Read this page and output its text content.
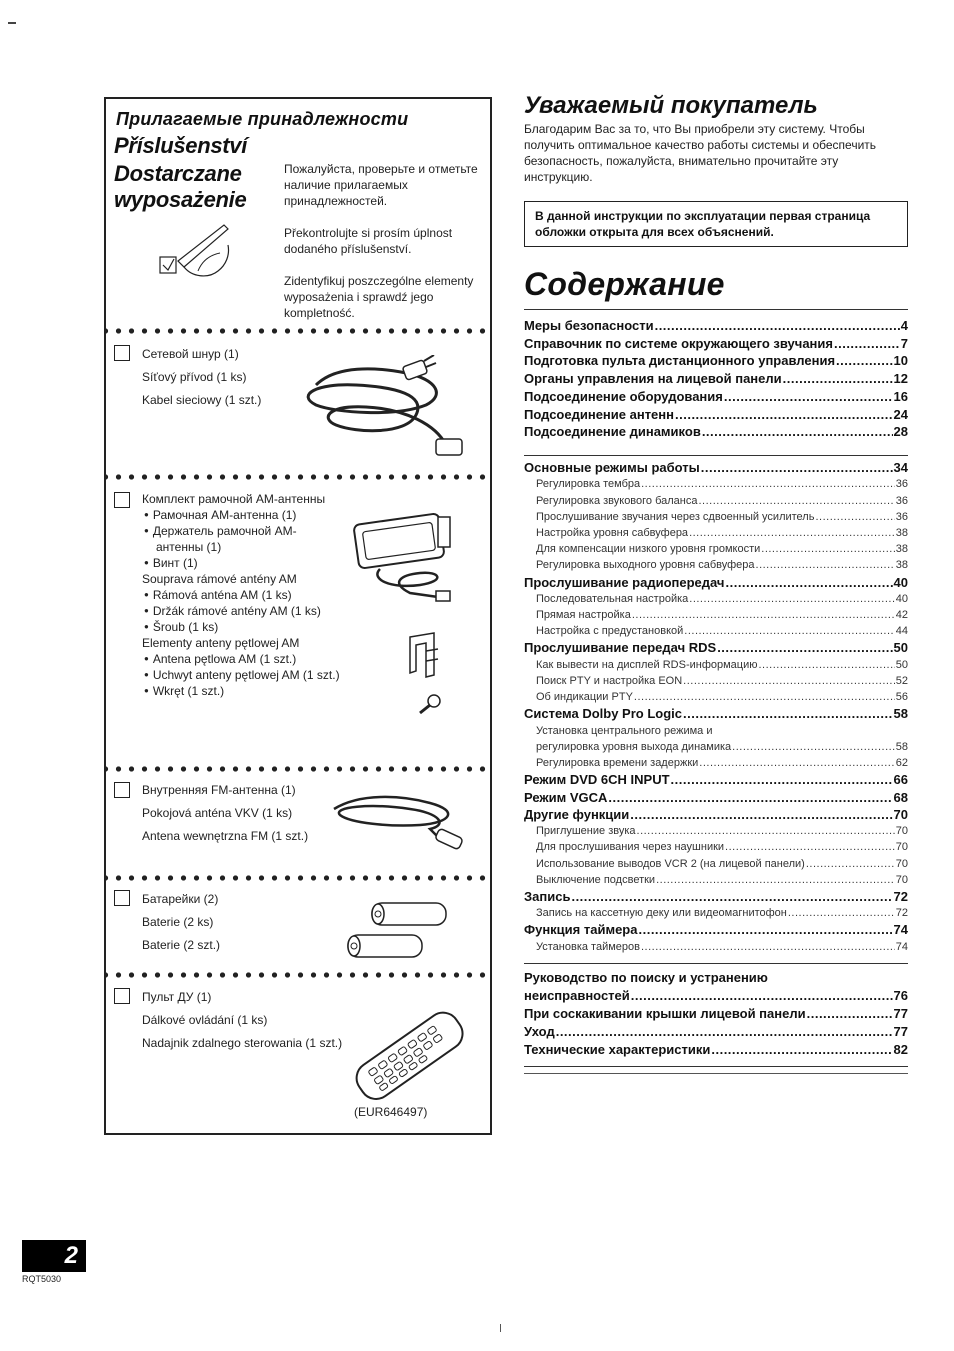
Прилагаемые принадлежности
Příslušenství
Dostarczane
wyposażenie
Пожалуйста, проверьте и отметьте наличие прилагаемых принадлежностей.
Překontrolujte si prosím úplnost dodaného příslušenství.
Zidentyfikuj poszczególne elementy wyposażenia i sprawdź jego kompletność.
Сетевой шнур (1)
Síťový přívod (1 ks)
Kabel sieciowy (1 szt.)
Комплект рамочной АМ-антенны
● Рамочная АМ-антенна (1)
● Держатель рамочной АМ-
антенны (1)
● Винт (1)
Souprava rámové antény AM
● Rámová anténa AM (1 ks)
● Držák rámové antény AM (1 ks)
● Šroub (1 ks)
Elementy anteny pętlowej AM
● Antena pętlowa AM (1 szt.)
● Uchwyt anteny pętlowej AM (1 szt.)
● Wkręt (1 szt.)
Внутренняя FM-антенна (1)
Pokojová anténa VKV (1 ks)
Antena wewnętrzna FM (1 szt.)
Батарейки (2)
Baterie (2 ks)
Baterie (2 szt.)
Пульт ДУ (1)
Dálkové ovládání (1 ks)
Nadajnik zdalnego sterowania (1 szt.)
(EUR646497)
Уважаемый покупатель
Благодарим Вас за то, что Вы приобрели эту систему. Чтобы получить оптимальное качество работы системы и обеспечить безопасность, пожалуйста, внимательно прочитайте эту инструкцию.
В данной инструкции по эксплуатации первая страница обложки открыта для всех объяснений.
Содержание
Меры безопасности .....	4
Справочник по системе окружающего звучания .....	7
Подготовка пульта дистанционного управления .....	10
Органы управления на лицевой панели .....	12
Подсоединение оборудования .....	16
Подсоединение антенн .....	24
Подсоединение динамиков .....	28
Основные режимы работы .....	34
Регулировка тембра .....	36
Регулировка звукового баланса .....	36
Прослушивание звучания через сдвоенный усилитель .....	36
Настройка уровня сабвуфера .....	38
Для компенсации низкого уровня громкости .....	38
Регулировка выходного уровня сабвуфера .....	38
Прослушивание радиопередач .....	40
Последовательная настройка .....	40
Прямая настройка .....	42
Настройка с предустановкой .....	44
Прослушивание передач RDS .....	50
Как вывести на дисплей RDS-информацию .....	50
Поиск PTY и настройка EON .....	52
Об индикации PTY .....	56
Система Dolby Pro Logic .....	58
Установка центрального режима и
регулировка уровня выхода динамика .....	58
Регулировка времени задержки .....	62
Режим DVD 6CH INPUT .....	66
Режим VGCA .....	68
Другие функции .....	70
Приглушение звука .....	70
Для прослушивания через наушники .....	70
Использование выводов VCR 2 (на лицевой панели) .....	70
Выключение подсветки .....	70
Запись .....	72
Запись на кассетную деку или видеомагнитофон .....	72
Функция таймера .....	74
Установка таймеров .....	74
Руководство по поиску и устранению
неисправностей .....	76
При соскакивании крышки лицевой панели .....	77
Уход .....	77
Технические характеристики .....	82
2
RQT5030
